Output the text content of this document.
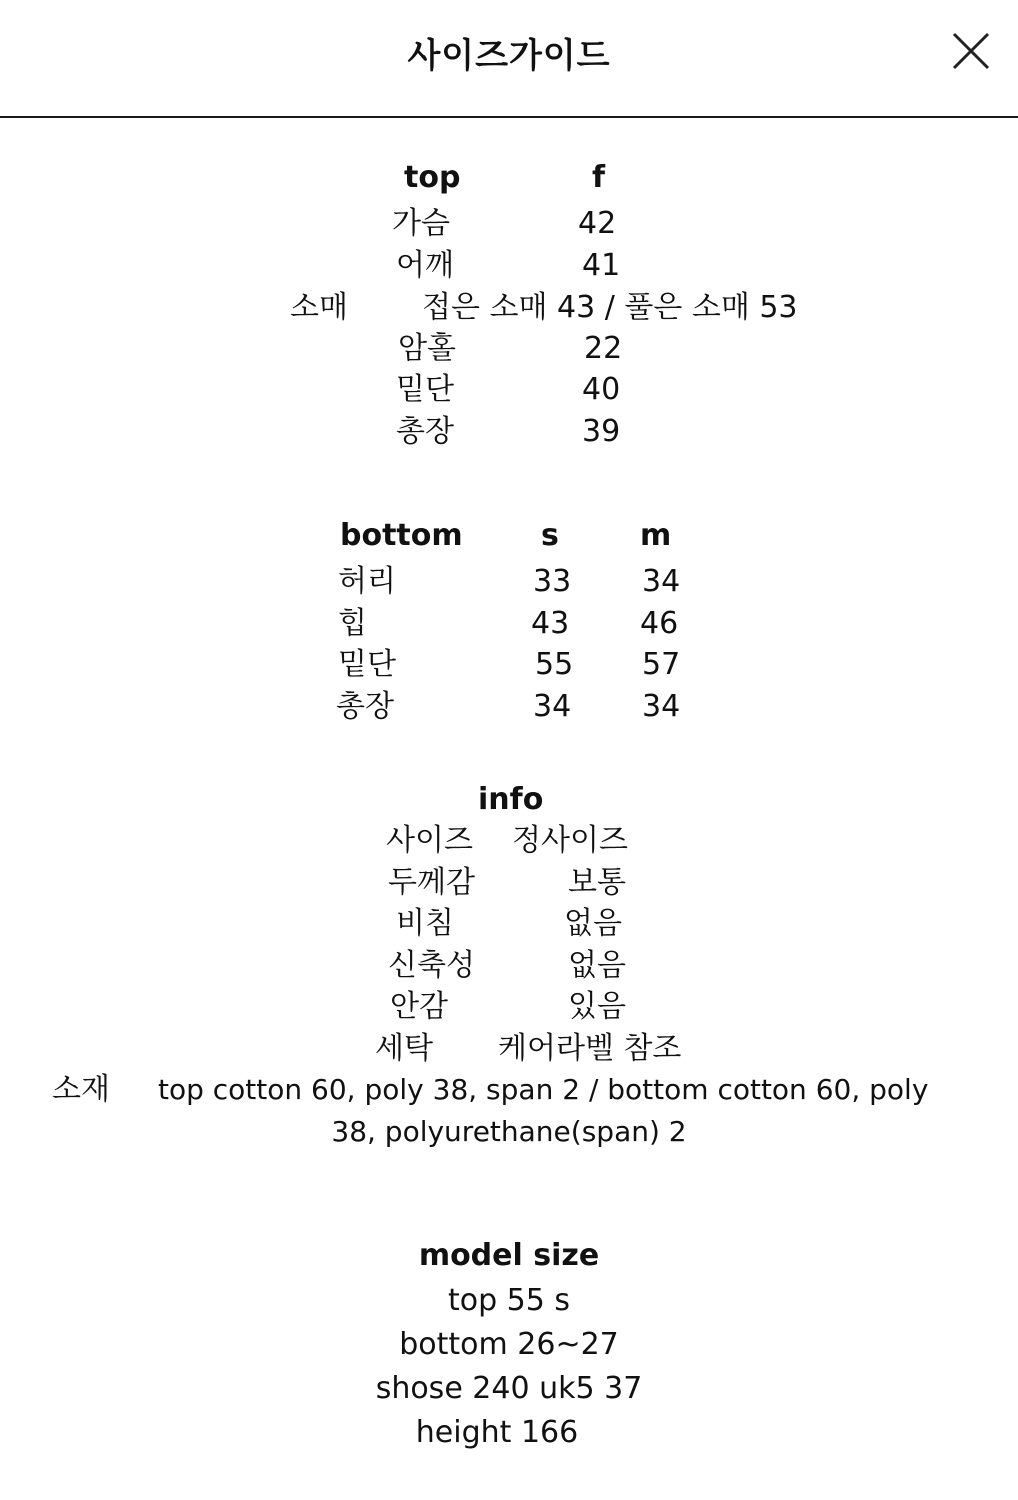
사이즈가이드
top	f
가슴	42
어깨	41
소매 접은 소매 43 / 풀은 소매 53
암홀	22
밑단	40
총장	39
bottom	s	m
허리	33 34
힙	43 46
밑단	55 57
총장	34 34
info
사이즈 정사이즈
두께감	보통
비침	없음
신축성	없음
안감	있음
세탁 케어라벨 참조
소재 top cotton 60, poly 38, span 2 / bottom cotton 60, poly
38, polyurethane(span) 2
model size
top 55 s
bottom 26~27
shose 240 uk5 37
height 166
